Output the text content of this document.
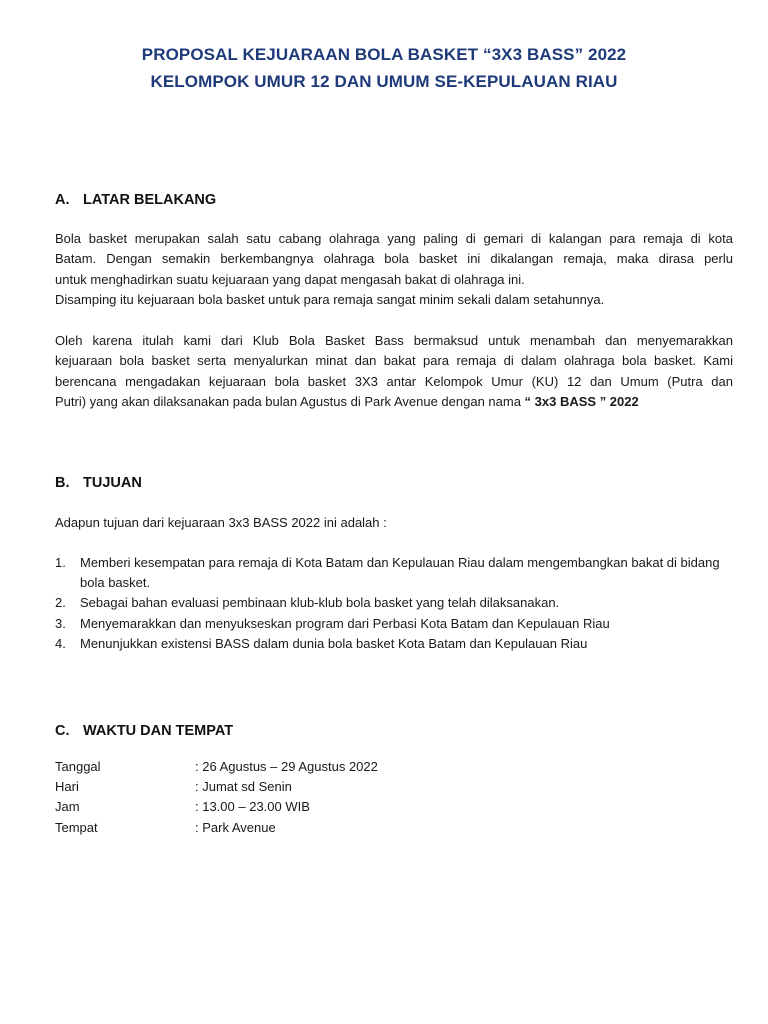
PROPOSAL KEJUARAAN BOLA BASKET “3X3 BASS” 2022
KELOMPOK UMUR 12 DAN UMUM SE-KEPULAUAN RIAU
A. LATAR BELAKANG
Bola basket merupakan salah satu cabang olahraga yang paling di gemari di kalangan para remaja di kota
Batam. Dengan semakin berkembangnya olahraga bola basket ini dikalangan remaja, maka dirasa perlu
untuk menghadirkan suatu kejuaraan yang dapat mengasah bakat di olahraga ini.
Disamping itu kejuaraan bola basket untuk para remaja sangat minim sekali dalam setahunnya.
Oleh karena itulah kami dari Klub Bola Basket Bass bermaksud untuk menambah dan menyemarakkan
kejuaraan bola basket serta menyalurkan minat dan bakat para remaja di dalam olahraga bola basket. Kami
berencana mengadakan kejuaraan bola basket 3X3 antar Kelompok Umur (KU) 12 dan Umum (Putra dan
Putri) yang akan dilaksanakan pada bulan Agustus di Park Avenue dengan nama “ 3x3 BASS ” 2022
B. TUJUAN
Adapun tujuan dari kejuaraan 3x3 BASS 2022 ini adalah :
1. Memberi kesempatan para remaja di Kota Batam dan Kepulauan Riau dalam mengembangkan bakat di bidang bola basket.
2. Sebagai bahan evaluasi pembinaan klub-klub bola basket yang telah dilaksanakan.
3. Menyemarakkan dan menyukseskan program dari Perbasi Kota Batam dan Kepulauan Riau
4. Menunjukkan existensi BASS dalam dunia bola basket Kota Batam dan Kepulauan Riau
C. WAKTU DAN TEMPAT
Tanggal	: 26 Agustus – 29 Agustus 2022
Hari	: Jumat sd Senin
Jam	: 13.00 – 23.00 WIB
Tempat	: Park Avenue
